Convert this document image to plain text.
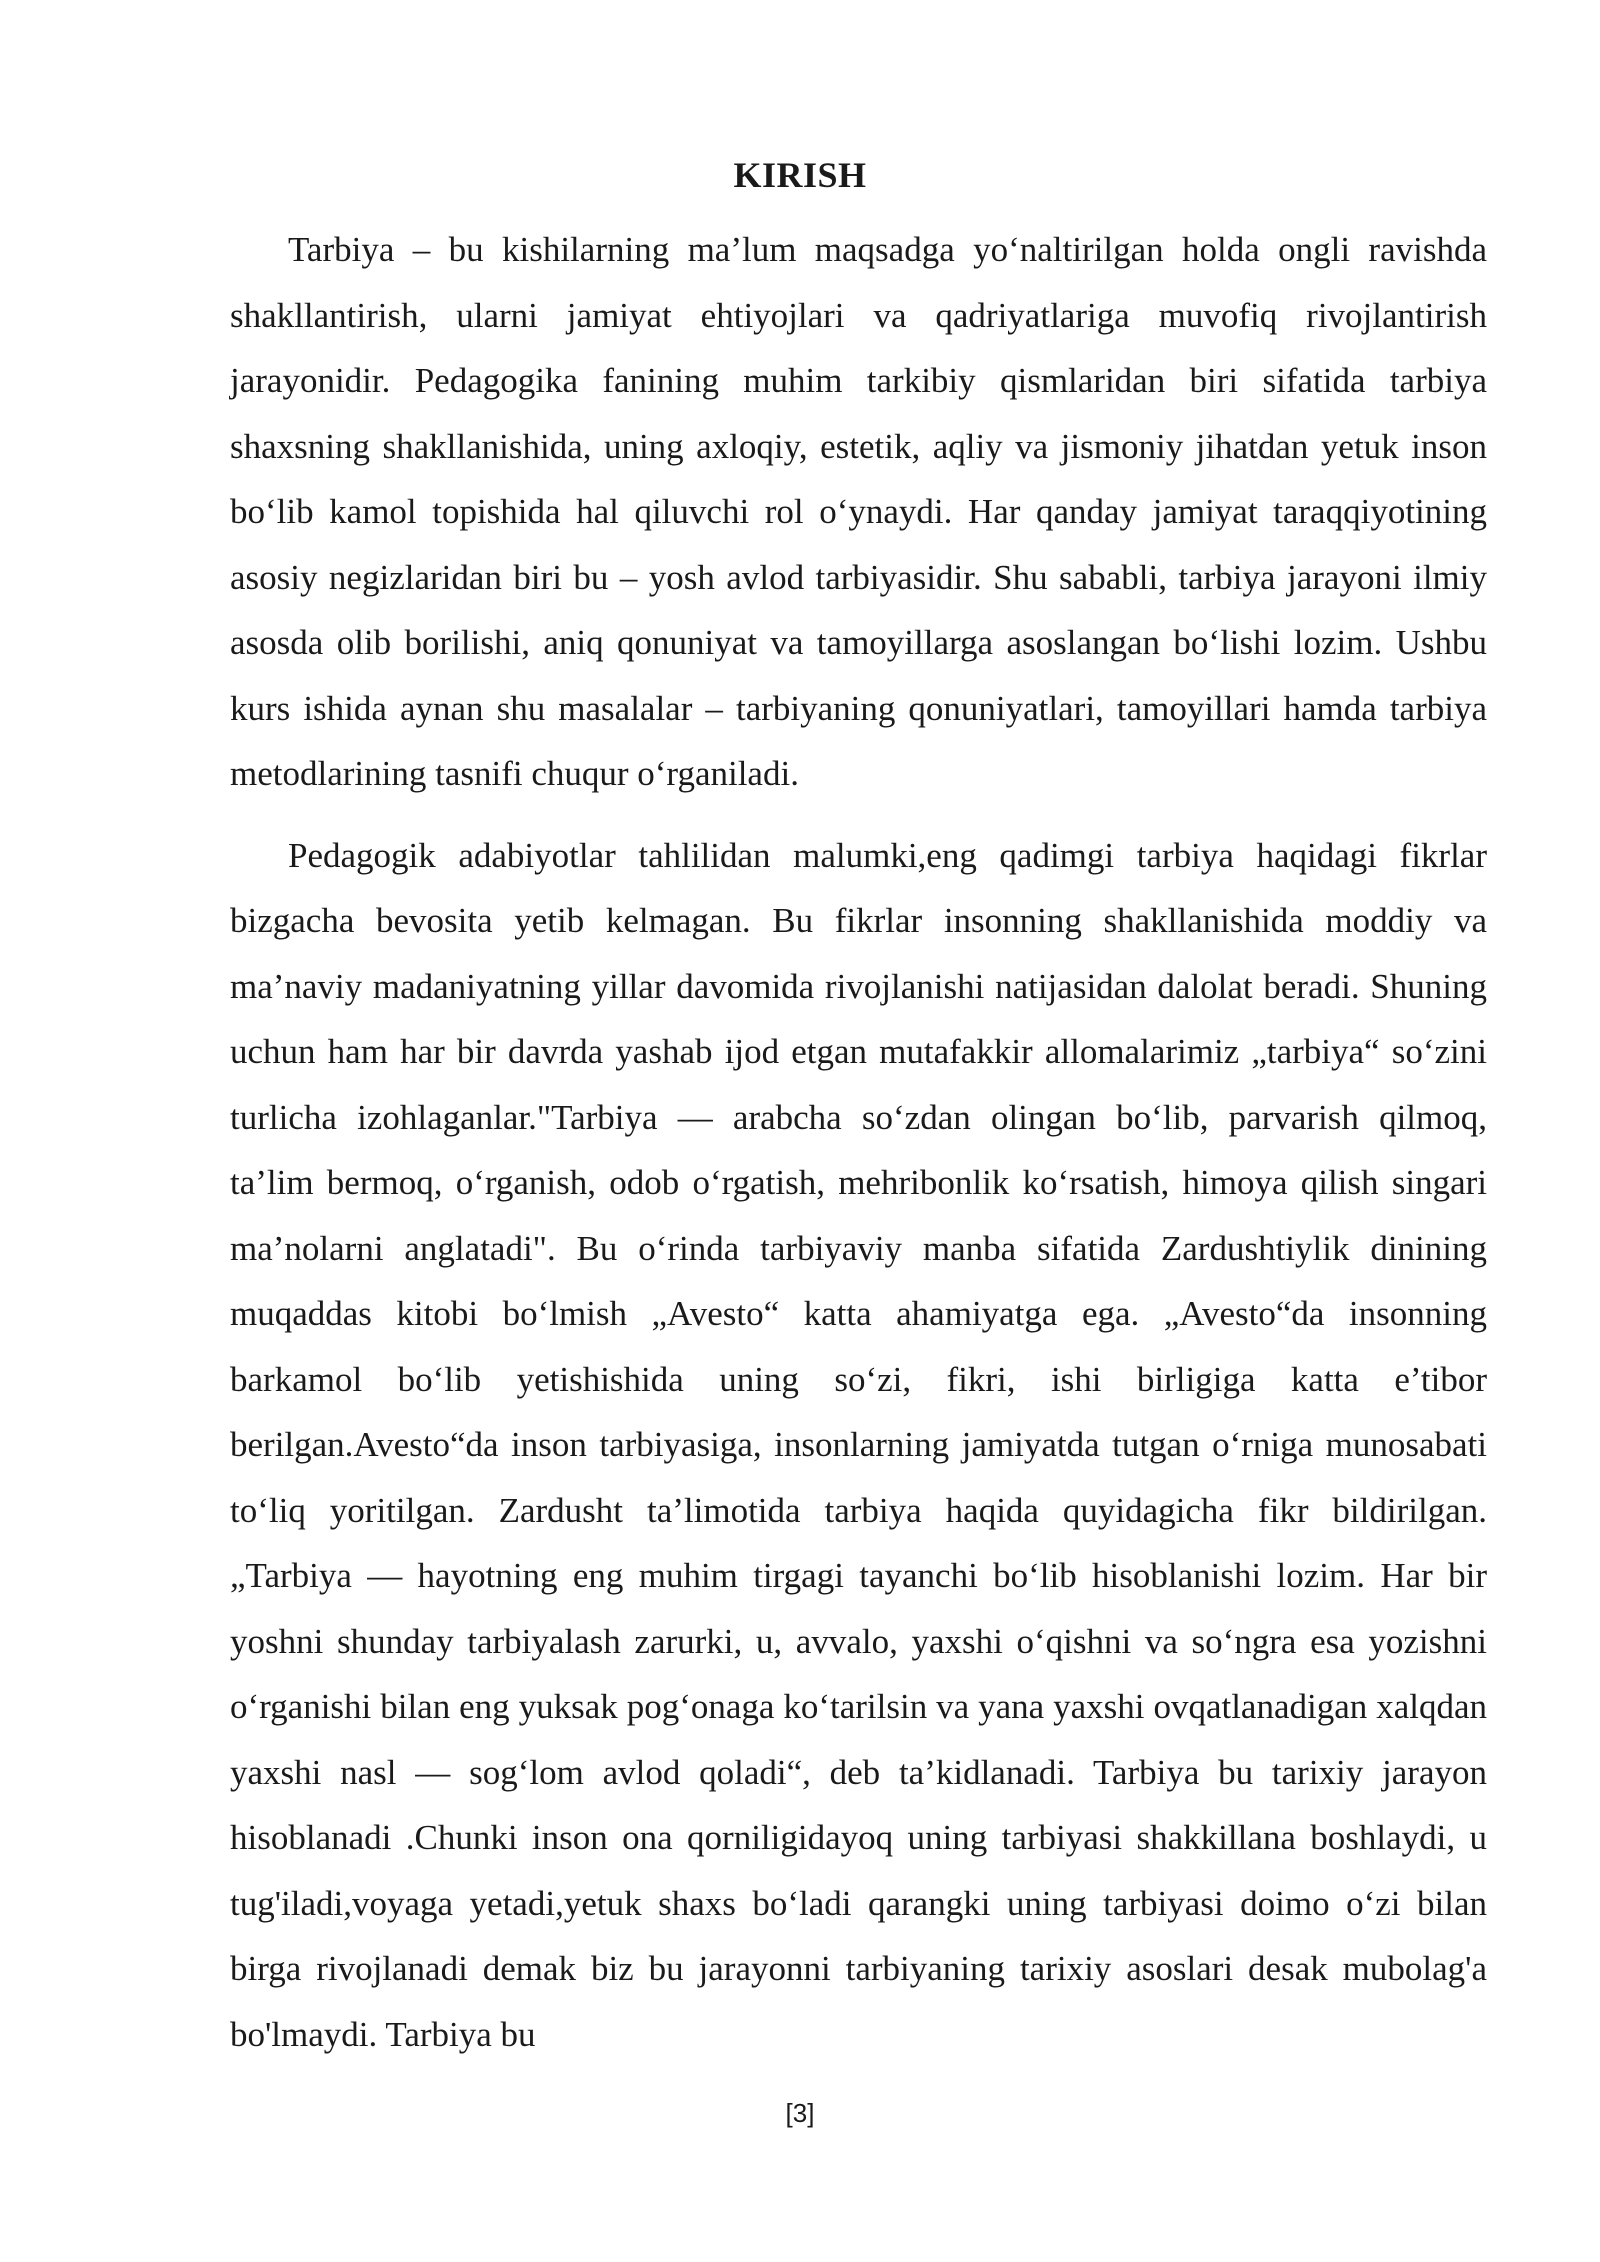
KIRISH

Tarbiya – bu kishilarning ma’lum maqsadga yo‘naltirilgan holda ongli ravishda shakllantirish, ularni jamiyat ehtiyojlari va qadriyatlariga muvofiq rivojlantirish jarayonidir. Pedagogika fanining muhim tarkibiy qismlaridan biri sifatida tarbiya shaxsning shakllanishida, uning axloqiy, estetik, aqliy va jismoniy jihatdan yetuk inson bo‘lib kamol topishida hal qiluvchi rol o‘ynaydi. Har qanday jamiyat taraqqiyotining asosiy negizlaridan biri bu – yosh avlod tarbiyasidir. Shu sababli, tarbiya jarayoni ilmiy asosda olib borilishi, aniq qonuniyat va tamoyillarga asoslangan bo‘lishi lozim. Ushbu kurs ishida aynan shu masalalar – tarbiyaning qonuniyatlari, tamoyillari hamda tarbiya metodlarining tasnifi chuqur o‘rganiladi.

Pedagogik adabiyotlar tahlilidan malumki,eng qadimgi tarbiya haqidagi fikrlar bizgacha bevosita yetib kelmagan. Bu fikrlar insonning shakllanishida moddiy va ma’naviy madaniyatning yillar davomida rivojlanishi natijasidan dalolat beradi. Shuning uchun ham har bir davrda yashab ijod etgan mutafakkir allomalarimiz „tarbiya“ so‘zini turlicha izohlaganlar."Tarbiya — arabcha so‘zdan olingan bo‘lib, parvarish qilmoq, ta’lim bermoq, o‘rganish, odob o‘rgatish, mehribonlik ko‘rsatish, himoya qilish singari ma’nolarni anglatadi". Bu o‘rinda tarbiyaviy manba sifatida Zardushtiylik dinining muqaddas kitobi bo‘lmish „Avesto“ katta ahamiyatga ega. „Avesto“da insonning barkamol bo‘lib yetishishida uning so‘zi, fikri, ishi birligiga katta e’tibor berilgan.Avesto“da inson tarbiyasiga, insonlarning jamiyatda tutgan o‘rniga munosabati to‘liq yoritilgan. Zardusht ta’limotida tarbiya haqida quyidagicha fikr bildirilgan. „Tarbiya — hayotning eng muhim tirgagi tayanchi bo‘lib hisoblanishi lozim. Har bir yoshni shunday tarbiyalash zarurki, u, avvalo, yaxshi o‘qishni va so‘ngra esa yozishni o‘rganishi bilan eng yuksak pog‘onaga ko‘tarilsin va yana yaxshi ovqatlanadigan xalqdan yaxshi nasl — sog‘lom avlod qoladi“, deb ta’kidlanadi. Tarbiya bu tarixiy jarayon hisoblanadi .Chunki inson ona qorniligidayoq uning tarbiyasi shakkillana boshlaydi, u tug'iladi,voyaga yetadi,yetuk shaxs bo‘ladi qarangki uning tarbiyasi doimo o‘zi bilan birga rivojlanadi demak biz bu jarayonni tarbiyaning tarixiy asoslari desak mubolag'a bo'lmaydi. Tarbiya bu

[3]
